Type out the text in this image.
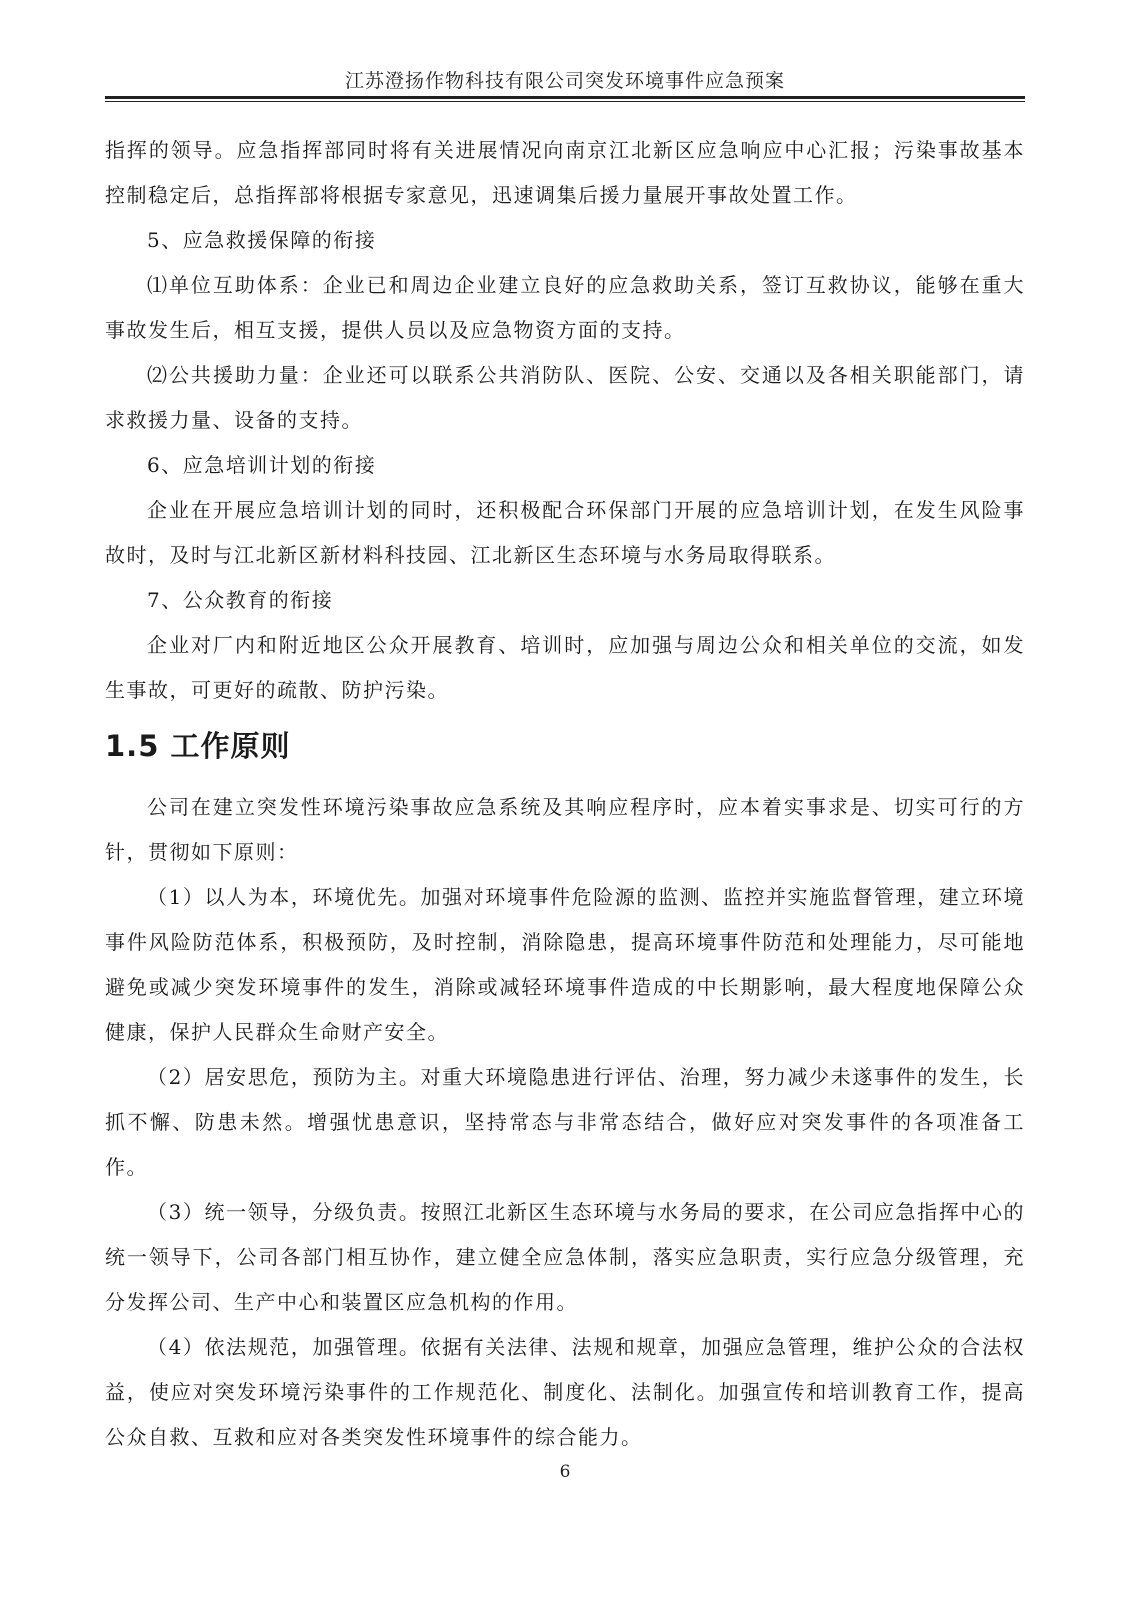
江苏澄扬作物科技有限公司突发环境事件应急预案

指挥的领导。应急指挥部同时将有关进展情况向南京江北新区应急响应中心汇报；污染事故基本控制稳定后，总指挥部将根据专家意见，迅速调集后援力量展开事故处置工作。

5、应急救援保障的衔接

⑴单位互助体系：企业已和周边企业建立良好的应急救助关系，签订互救协议，能够在重大事故发生后，相互支援，提供人员以及应急物资方面的支持。

⑵公共援助力量：企业还可以联系公共消防队、医院、公安、交通以及各相关职能部门，请求救援力量、设备的支持。

6、应急培训计划的衔接

企业在开展应急培训计划的同时，还积极配合环保部门开展的应急培训计划，在发生风险事故时，及时与江北新区新材料科技园、江北新区生态环境与水务局取得联系。

7、公众教育的衔接

企业对厂内和附近地区公众开展教育、培训时，应加强与周边公众和相关单位的交流，如发生事故，可更好的疏散、防护污染。

1.5 工作原则

公司在建立突发性环境污染事故应急系统及其响应程序时，应本着实事求是、切实可行的方针，贯彻如下原则：

（1）以人为本，环境优先。加强对环境事件危险源的监测、监控并实施监督管理，建立环境事件风险防范体系，积极预防，及时控制，消除隐患，提高环境事件防范和处理能力，尽可能地避免或减少突发环境事件的发生，消除或减轻环境事件造成的中长期影响，最大程度地保障公众健康，保护人民群众生命财产安全。

（2）居安思危，预防为主。对重大环境隐患进行评估、治理，努力减少未遂事件的发生，长抓不懈、防患未然。增强忧患意识，坚持常态与非常态结合，做好应对突发事件的各项准备工作。

（3）统一领导，分级负责。按照江北新区生态环境与水务局的要求，在公司应急指挥中心的统一领导下，公司各部门相互协作，建立健全应急体制，落实应急职责，实行应急分级管理，充分发挥公司、生产中心和装置区应急机构的作用。

（4）依法规范，加强管理。依据有关法律、法规和规章，加强应急管理，维护公众的合法权益，使应对突发环境污染事件的工作规范化、制度化、法制化。加强宣传和培训教育工作，提高公众自救、互救和应对各类突发性环境事件的综合能力。

6
